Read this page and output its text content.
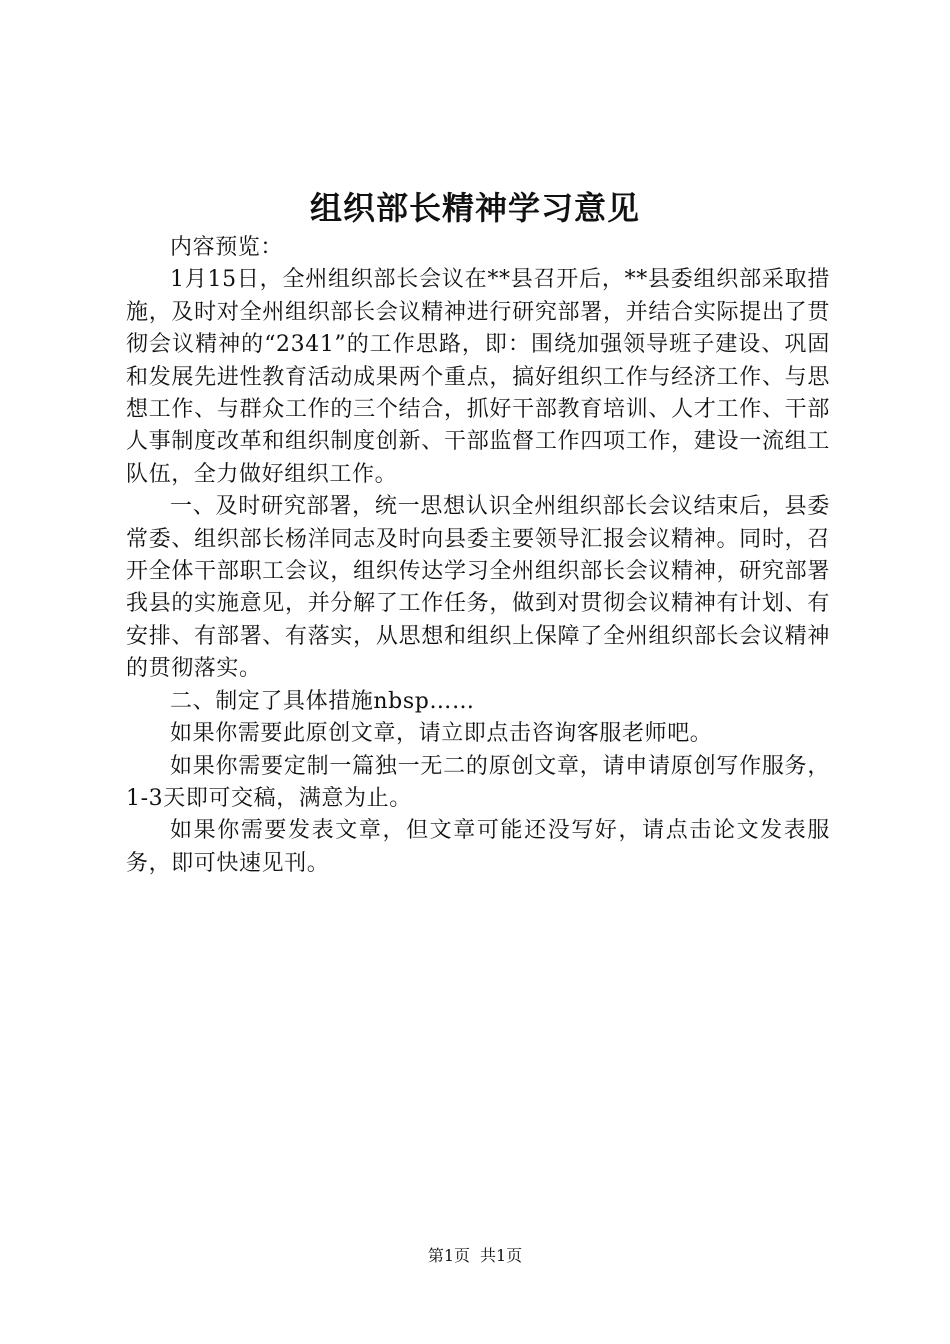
组织部长精神学习意见

内容预览：

1月15日，全州组织部长会议在**县召开后，**县委组织部采取措施，及时对全州组织部长会议精神进行研究部署，并结合实际提出了贯彻会议精神的“2341”的工作思路，即：围绕加强领导班子建设、巩固和发展先进性教育活动成果两个重点，搞好组织工作与经济工作、与思想工作、与群众工作的三个结合，抓好干部教育培训、人才工作、干部人事制度改革和组织制度创新、干部监督工作四项工作，建设一流组工队伍，全力做好组织工作。

一、及时研究部署，统一思想认识全州组织部长会议结束后，县委常委、组织部长杨洋同志及时向县委主要领导汇报会议精神。同时，召开全体干部职工会议，组织传达学习全州组织部长会议精神，研究部署我县的实施意见，并分解了工作任务，做到对贯彻会议精神有计划、有安排、有部署、有落实，从思想和组织上保障了全州组织部长会议精神的贯彻落实。

二、制定了具体措施nbsp……

如果你需要此原创文章，请立即点击咨询客服老师吧。

如果你需要定制一篇独一无二的原创文章，请申请原创写作服务，1-3天即可交稿，满意为止。

如果你需要发表文章，但文章可能还没写好，请点击论文发表服务，即可快速见刊。

第1页 共1页
